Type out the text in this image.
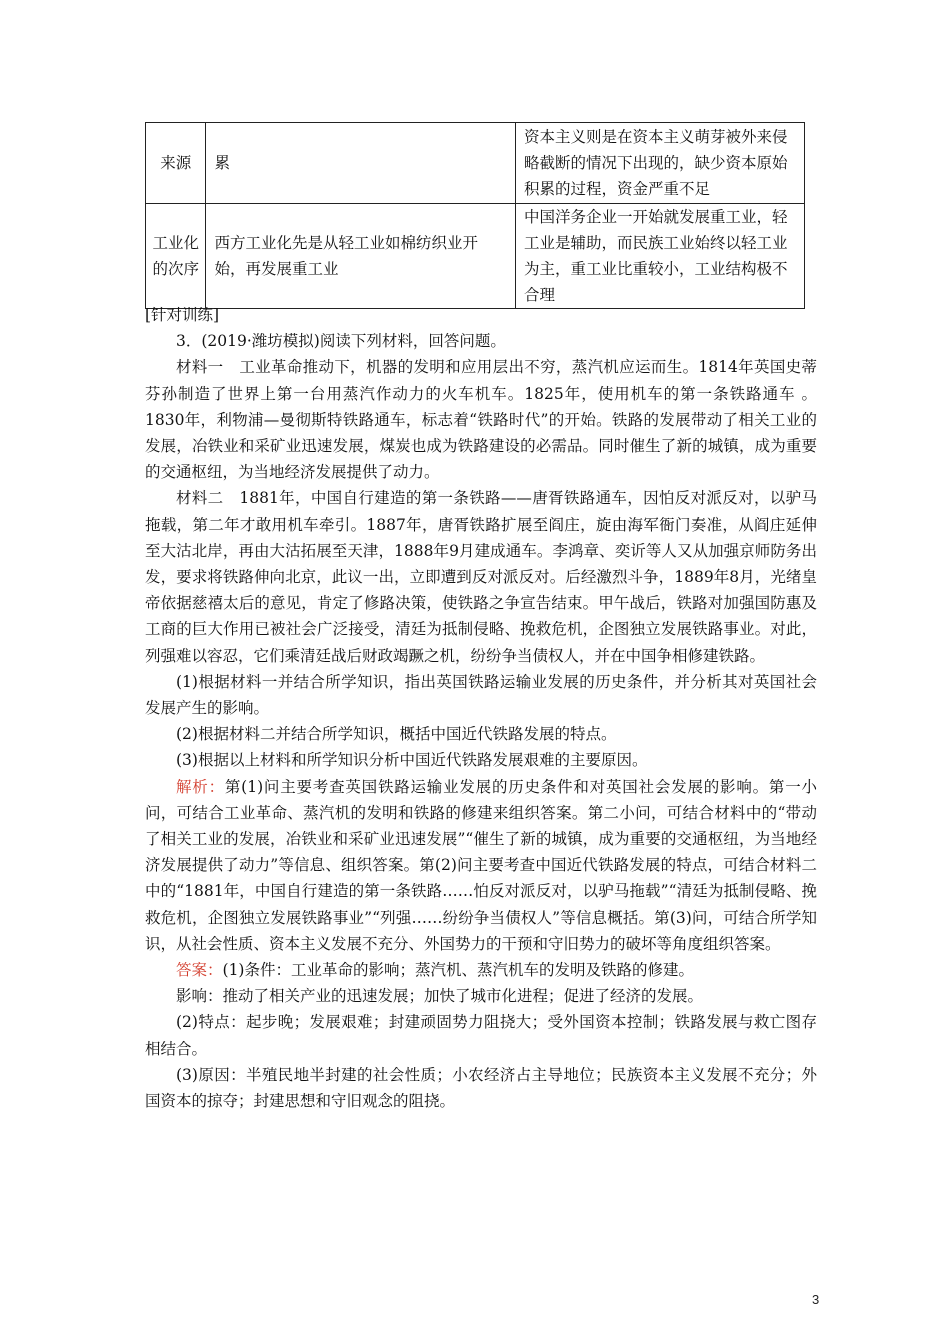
来源	累	资本主义则是在资本主义萌芽被外来侵略截断的情况下出现的，缺少资本原始积累的过程，资金严重不足

工业化的次序	西方工业化先是从轻工业如棉纺织业开始，再发展重工业	中国洋务企业一开始就发展重工业，轻工业是辅助，而民族工业始终以轻工业为主，重工业比重较小，工业结构极不合理

[针对训练]

3．(2019·潍坊模拟)阅读下列材料，回答问题。

材料一　 工业革命推动下，机器的发明和应用层出不穷，蒸汽机应运而生。1814年英国史蒂芬孙制造了世界上第一台用蒸汽作动力的火车机车。1825年，使用机车的第一条铁路通车 。1830年，利物浦—曼彻斯特铁路通车，标志着“铁路时代”的开始。铁路的发展带动了相关工业的发展，冶铁业和采矿业迅速发展，煤炭也成为铁路建设的必需品。同时催生了新的城镇，成为重要的交通枢纽，为当地经济发展提供了动力。

材料二　 1881年，中国自行建造的第一条铁路——唐胥铁路通车，因怕反对派反对，以驴马拖载，第二年才敢用机车牵引。1887年，唐胥铁路扩展至阎庄，旋由海军衙门奏准，从阎庄延伸至大沽北岸，再由大沽拓展至天津，1888年9月建成通车。李鸿章、奕䜣等人又从加强京师防务出发，要求将铁路伸向北京，此议一出，立即遭到反对派反对。后经激烈斗争，1889年8月，光绪皇帝依据慈禧太后的意见，肯定了修路决策，使铁路之争宣告结束。甲午战后，铁路对加强国防惠及工商的巨大作用已被社会广泛接受，清廷为抵制侵略、挽救危机，企图独立发展铁路事业。对此，列强难以容忍，它们乘清廷战后财政竭蹶之机，纷纷争当债权人，并在中国争相修建铁路。

(1)根据材料一并结合所学知识，指出英国铁路运输业发展的历史条件，并分析其对英国社会发展产生的影响。

(2)根据材料二并结合所学知识，概括中国近代铁路发展的特点。

(3)根据以上材料和所学知识分析中国近代铁路发展艰难的主要原因。

解析：第(1)问主要考查英国铁路运输业发展的历史条件和对英国社会发展的影响。第一小问，可结合工业革命、蒸汽机的发明和铁路的修建来组织答案。第二小问，可结合材料中的“带动了相关工业的发展，冶铁业和采矿业迅速发展”“催生了新的城镇，成为重要的交通枢纽，为当地经济发展提供了动力”等信息、组织答案。第(2)问主要考查中国近代铁路发展的特点，可结合材料二中的“1881年，中国自行建造的第一条铁路……怕反对派反对，以驴马拖载”“清廷为抵制侵略、挽救危机，企图独立发展铁路事业”“列强……纷纷争当债权人”等信息概括。第(3)问，可结合所学知识，从社会性质、资本主义发展不充分、外国势力的干预和守旧势力的破坏等角度组织答案。

答案：(1)条件：工业革命的影响；蒸汽机、蒸汽机车的发明及铁路的修建。

影响：推动了相关产业的迅速发展；加快了城市化进程；促进了经济的发展。

(2)特点：起步晚；发展艰难；封建顽固势力阻挠大；受外国资本控制；铁路发展与救亡图存相结合。

(3)原因：半殖民地半封建的社会性质；小农经济占主导地位；民族资本主义发展不充分；外国资本的掠夺；封建思想和守旧观念的阻挠。

3
